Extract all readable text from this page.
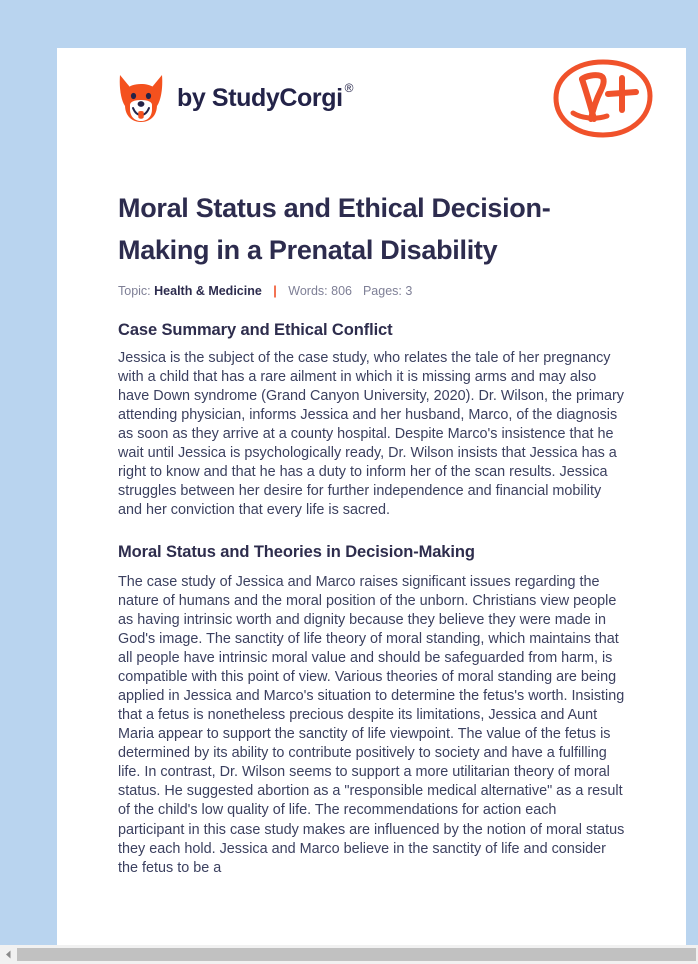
by StudyCorgi ®
Moral Status and Ethical Decision-Making in a Prenatal Disability
Topic: Health & Medicine | Words: 806 Pages: 3
Case Summary and Ethical Conflict

Jessica is the subject of the case study, who relates the tale of her pregnancy with a child that has a rare ailment in which it is missing arms and may also have Down syndrome (Grand Canyon University, 2020). Dr. Wilson, the primary attending physician, informs Jessica and her husband, Marco, of the diagnosis as soon as they arrive at a county hospital. Despite Marco's insistence that he wait until Jessica is psychologically ready, Dr. Wilson insists that Jessica has a right to know and that he has a duty to inform her of the scan results. Jessica struggles between her desire for further independence and financial mobility and her conviction that every life is sacred.

Moral Status and Theories in Decision-Making

The case study of Jessica and Marco raises significant issues regarding the nature of humans and the moral position of the unborn. Christians view people as having intrinsic worth and dignity because they believe they were made in God's image. The sanctity of life theory of moral standing, which maintains that all people have intrinsic moral value and should be safeguarded from harm, is compatible with this point of view. Various theories of moral standing are being applied in Jessica and Marco's situation to determine the fetus's worth. Insisting that a fetus is nonetheless precious despite its limitations, Jessica and Aunt Maria appear to support the sanctity of life viewpoint. The value of the fetus is determined by its ability to contribute positively to society and have a fulfilling life. In contrast, Dr. Wilson seems to support a more utilitarian theory of moral status. He suggested abortion as a "responsible medical alternative" as a result of the child's low quality of life. The recommendations for action each participant in this case study makes are influenced by the notion of moral status they each hold. Jessica and Marco believe in the sanctity of life and consider the fetus to be a
